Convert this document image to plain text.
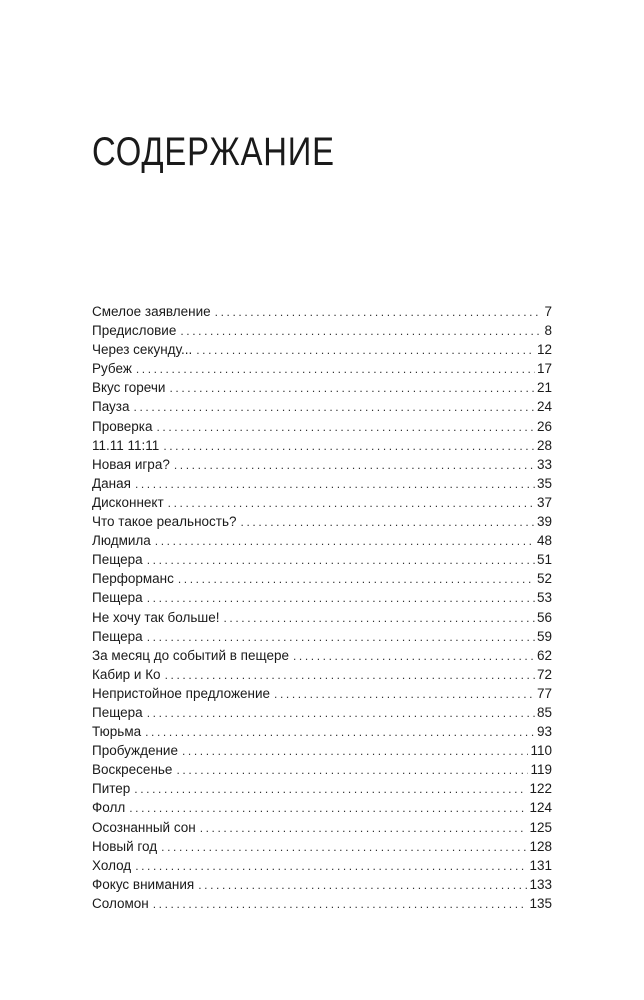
СОДЕРЖАНИЕ
Смелое заявление .....	7
Предисловие .....	8
Через секунду... .....	12
Рубеж .....	17
Вкус горечи .....	21
Пауза .....	24
Проверка .....	26
11.11 11:11 .....	28
Новая игра? .....	33
Даная .....	35
Дисконнект .....	37
Что такое реальность? .....	39
Людмила .....	48
Пещера .....	51
Перформанс .....	52
Пещера .....	53
Не хочу так больше! .....	56
Пещера .....	59
За месяц до событий в пещере .....	62
Кабир и Ко .....	72
Непристойное предложение .....	77
Пещера .....	85
Тюрьма .....	93
Пробуждение .....	110
Воскресенье .....	119
Питер .....	122
Фолл .....	124
Осознанный сон .....	125
Новый год .....	128
Холод .....	131
Фокус внимания .....	133
Соломон .....	135
